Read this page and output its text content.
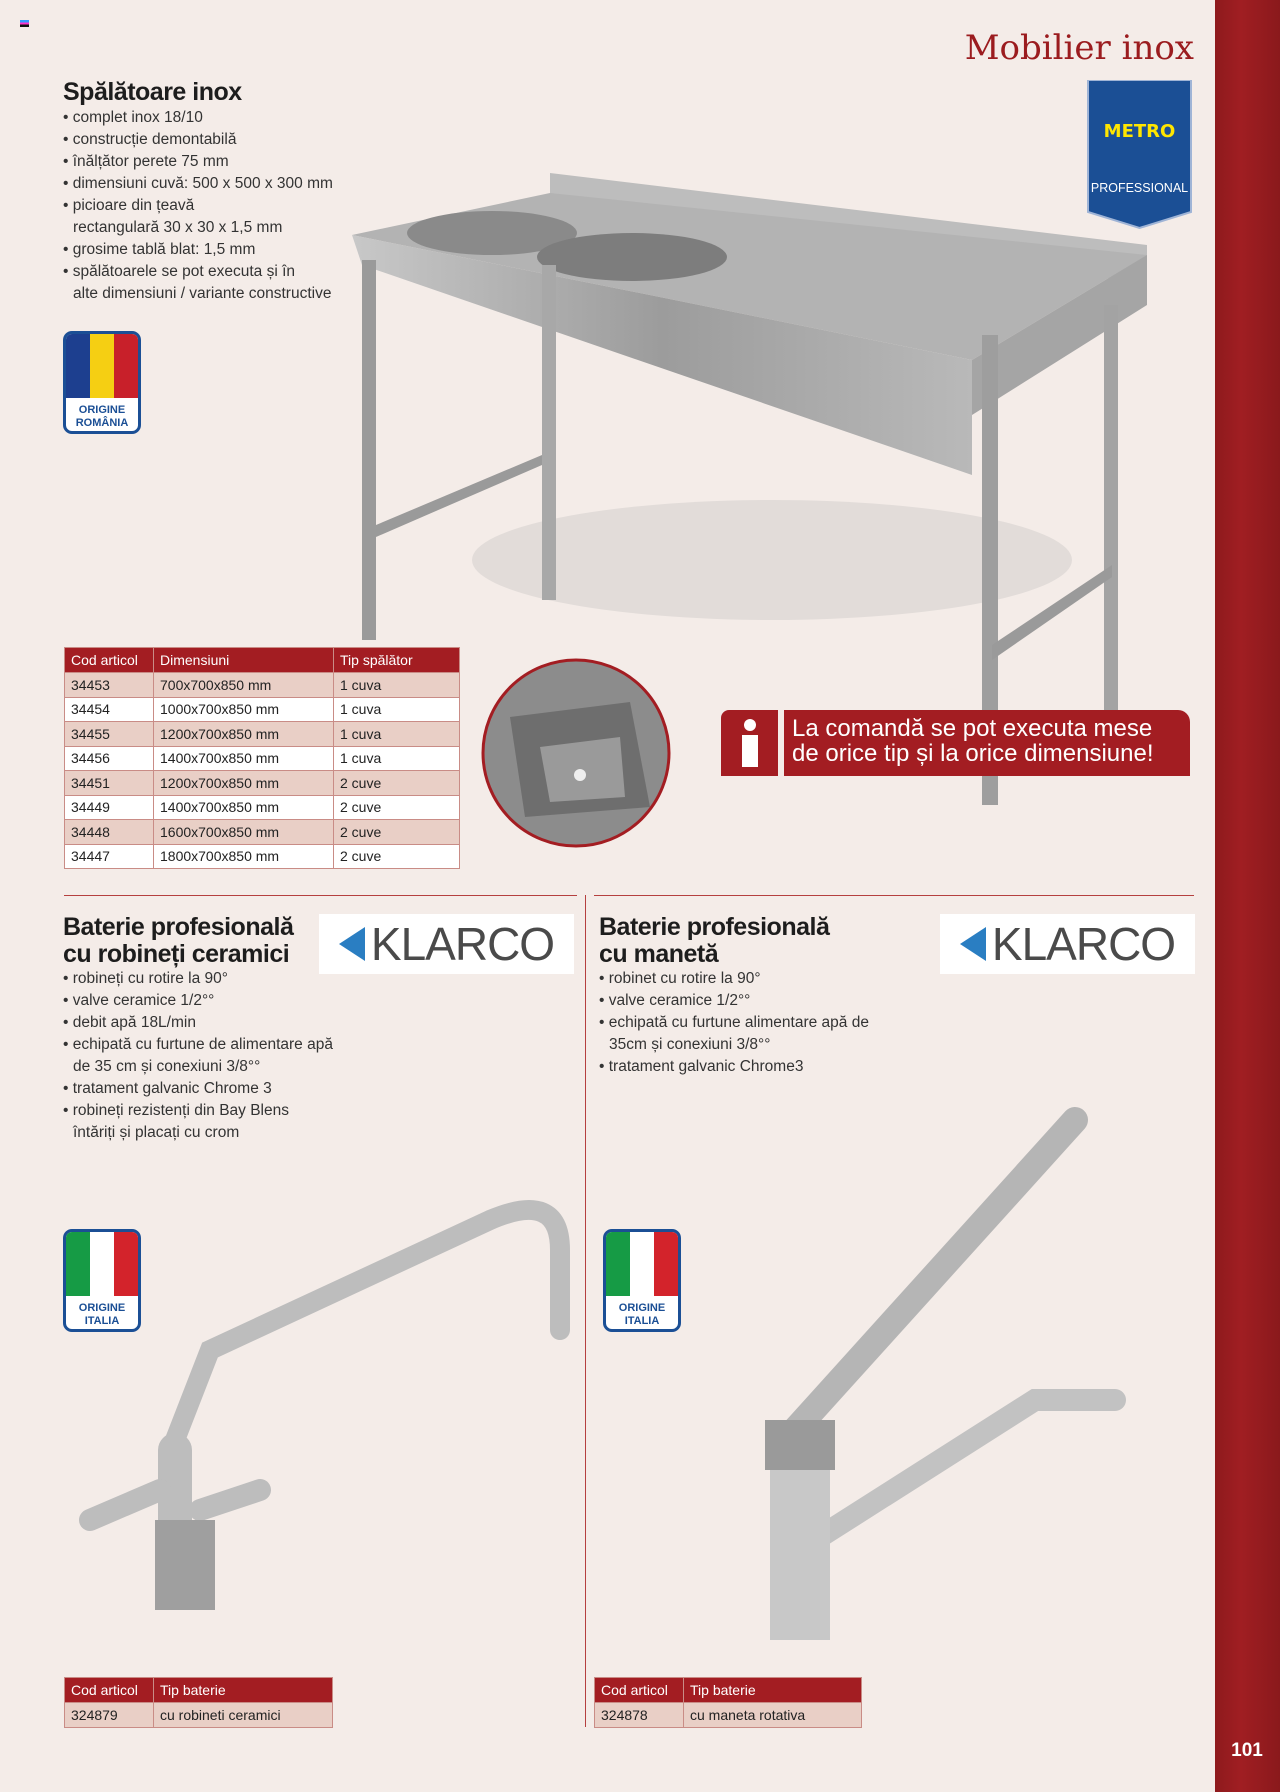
101
Mobilier inox
METRO
PROFESSIONAL
Spălătoare inox
• complet inox 18/10
• construcție demontabilă
• înălțător perete 75 mm
• dimensiuni cuvă: 500 x 500 x 300 mm
• picioare din țeavă
rectangulară 30 x 30 x 1,5 mm
• grosime tablă blat: 1,5 mm
• spălătoarele se pot executa și în
alte dimensiuni / variante constructive
ORIGINE
ROMÂNIA
Cod articol	Dimensiuni	Tip spălător
34453	700x700x850 mm	1 cuva
34454	1000x700x850 mm	1 cuva
34455	1200x700x850 mm	1 cuva
34456	1400x700x850 mm	1 cuva
34451	1200x700x850 mm	2 cuve
34449	1400x700x850 mm	2 cuve
34448	1600x700x850 mm	2 cuve
34447	1800x700x850 mm	2 cuve
La comandă se pot executa mese
de orice tip și la orice dimensiune!
Baterie profesională
cu robineți ceramici KLARCO
• robineți cu rotire la 90°
• valve ceramice 1/2°°
• debit apă 18L/min
• echipată cu furtune de alimentare apă
de 35 cm și conexiuni 3/8°°
• tratament galvanic Chrome 3
• robineți rezistenți din Bay Blens
întăriți și placați cu crom
ORIGINE
ITALIA
Cod articol	Tip baterie
324879	cu robineti ceramici
Baterie profesională
cu manetă	KLARCO
• robinet cu rotire la 90°
• valve ceramice 1/2°°
• echipată cu furtune alimentare apă de
35cm și conexiuni 3/8°°
• tratament galvanic Chrome3
ORIGINE
ITALIA
Cod articol	Tip baterie
324878	cu maneta rotativa
